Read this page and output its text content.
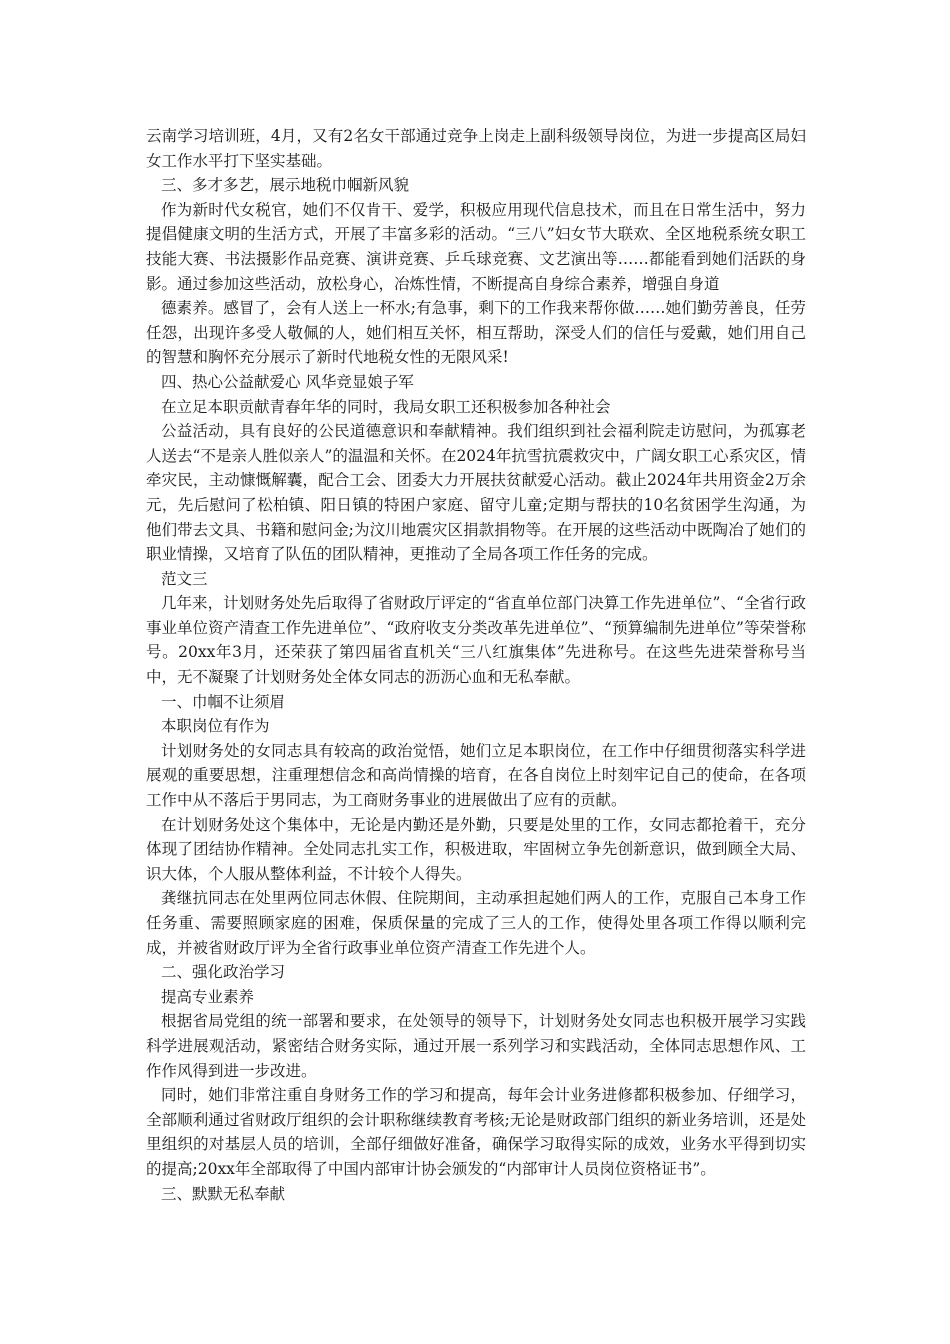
云南学习培训班，4月，又有2名女干部通过竞争上岗走上副科级领导岗位，为进一步提高区局妇女工作水平打下坚实基础。

三、多才多艺，展示地税巾帼新风貌

作为新时代女税官，她们不仅肯干、爱学，积极应用现代信息技术，而且在日常生活中，努力提倡健康文明的生活方式，开展了丰富多彩的活动。“三八”妇女节大联欢、全区地税系统女职工技能大赛、书法摄影作品竞赛、演讲竞赛、乒乓球竞赛、文艺演出等……都能看到她们活跃的身影。通过参加这些活动，放松身心，冶炼性情，不断提高自身综合素养，增强自身道

德素养。感冒了，会有人送上一杯水;有急事，剩下的工作我来帮你做……她们勤劳善良，任劳任怨，出现许多受人敬佩的人，她们相互关怀，相互帮助，深受人们的信任与爱戴，她们用自己的智慧和胸怀充分展示了新时代地税女性的无限风采!

四、热心公益献爱心 风华竞显娘子军

在立足本职贡献青春年华的同时，我局女职工还积极参加各种社会

公益活动，具有良好的公民道德意识和奉献精神。我们组织到社会福利院走访慰问，为孤寡老人送去“不是亲人胜似亲人”的温温和关怀。在2024年抗雪抗震救灾中，广阔女职工心系灾区，情牵灾民，主动慷慨解囊，配合工会、团委大力开展扶贫献爱心活动。截止2024年共用资金2万余元，先后慰问了松柏镇、阳日镇的特困户家庭、留守儿童;定期与帮扶的10名贫困学生沟通，为他们带去文具、书籍和慰问金;为汶川地震灾区捐款捐物等。在开展的这些活动中既陶冶了她们的职业情操，又培育了队伍的团队精神，更推动了全局各项工作任务的完成。

范文三

几年来，计划财务处先后取得了省财政厅评定的“省直单位部门决算工作先进单位”、“全省行政事业单位资产清查工作先进单位”、“政府收支分类改革先进单位”、“预算编制先进单位”等荣誉称号。20xx年3月，还荣获了第四届省直机关“三八红旗集体”先进称号。在这些先进荣誉称号当中，无不凝聚了计划财务处全体女同志的沥沥心血和无私奉献。

一、巾帼不让须眉

本职岗位有作为

计划财务处的女同志具有较高的政治觉悟，她们立足本职岗位，在工作中仔细贯彻落实科学进展观的重要思想，注重理想信念和高尚情操的培育，在各自岗位上时刻牢记自己的使命，在各项工作中从不落后于男同志，为工商财务事业的进展做出了应有的贡献。

在计划财务处这个集体中，无论是内勤还是外勤，只要是处里的工作，女同志都抢着干，充分体现了团结协作精神。全处同志扎实工作，积极进取，牢固树立争先创新意识，做到顾全大局、识大体，个人服从整体利益，不计较个人得失。

龚继抗同志在处里两位同志休假、住院期间，主动承担起她们两人的工作，克服自己本身工作任务重、需要照顾家庭的困难，保质保量的完成了三人的工作，使得处里各项工作得以顺利完成，并被省财政厅评为全省行政事业单位资产清查工作先进个人。

二、强化政治学习

提高专业素养

根据省局党组的统一部署和要求，在处领导的领导下，计划财务处女同志也积极开展学习实践科学进展观活动，紧密结合财务实际，通过开展一系列学习和实践活动，全体同志思想作风、工作作风得到进一步改进。

同时，她们非常注重自身财务工作的学习和提高，每年会计业务进修都积极参加、仔细学习，全部顺利通过省财政厅组织的会计职称继续教育考核;无论是财政部门组织的新业务培训，还是处里组织的对基层人员的培训，全部仔细做好准备，确保学习取得实际的成效，业务水平得到切实的提高;20xx年全部取得了中国内部审计协会颁发的“内部审计人员岗位资格证书”。

三、默默无私奉献
